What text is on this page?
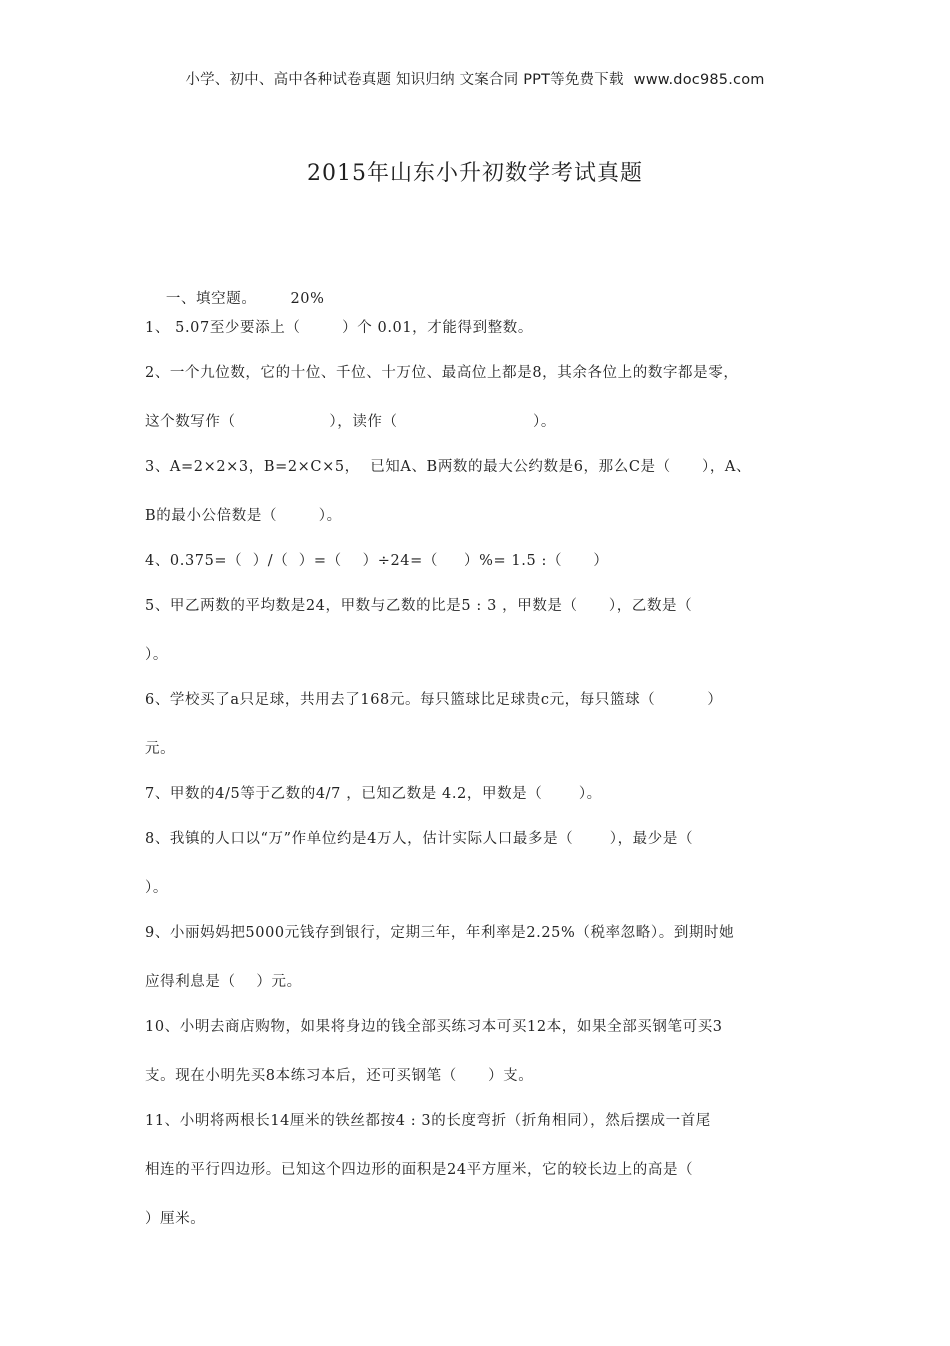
小学、初中、高中各种试卷真题 知识归纳 文案合同 PPT等免费下载 www.doc985.com
2015年山东小升初数学考试真题

一、填空题。 20%

1、 5.07至少要添上（        ）个 0.01，才能得到整数。
2、一个九位数，它的十位、千位、十万位、最高位上都是8，其余各位上的数字都是零，
这个数写作（                  ），读作（                          ）。
3、A=2×2×3，B=2×C×5，  已知A、B两数的最大公约数是6，那么C是（      ），A、
B的最小公倍数是（        ）。
4、0.375=（  ）/（  ）=（    ）÷24=（     ）%= 1.5 :（      ）
5、甲乙两数的平均数是24，甲数与乙数的比是5 : 3 ，甲数是（      ），乙数是（
）。
6、学校买了a只足球，共用去了168元。每只篮球比足球贵c元，每只篮球（          ）
元。
7、甲数的4/5等于乙数的4/7 ，已知乙数是 4.2，甲数是（       ）。
8、我镇的人口以“万”作单位约是4万人，估计实际人口最多是（       ），最少是（
）。
9、小丽妈妈把5000元钱存到银行，定期三年，年利率是2.25%（税率忽略）。到期时她
应得利息是（    ）元。
10、小明去商店购物，如果将身边的钱全部买练习本可买12本，如果全部买钢笔可买3
支。现在小明先买8本练习本后，还可买钢笔（      ）支。
11、小明将两根长14厘米的铁丝都按4 : 3的长度弯折（折角相同），然后摆成一首尾
相连的平行四边形。已知这个四边形的面积是24平方厘米，它的较长边上的高是（
）厘米。
